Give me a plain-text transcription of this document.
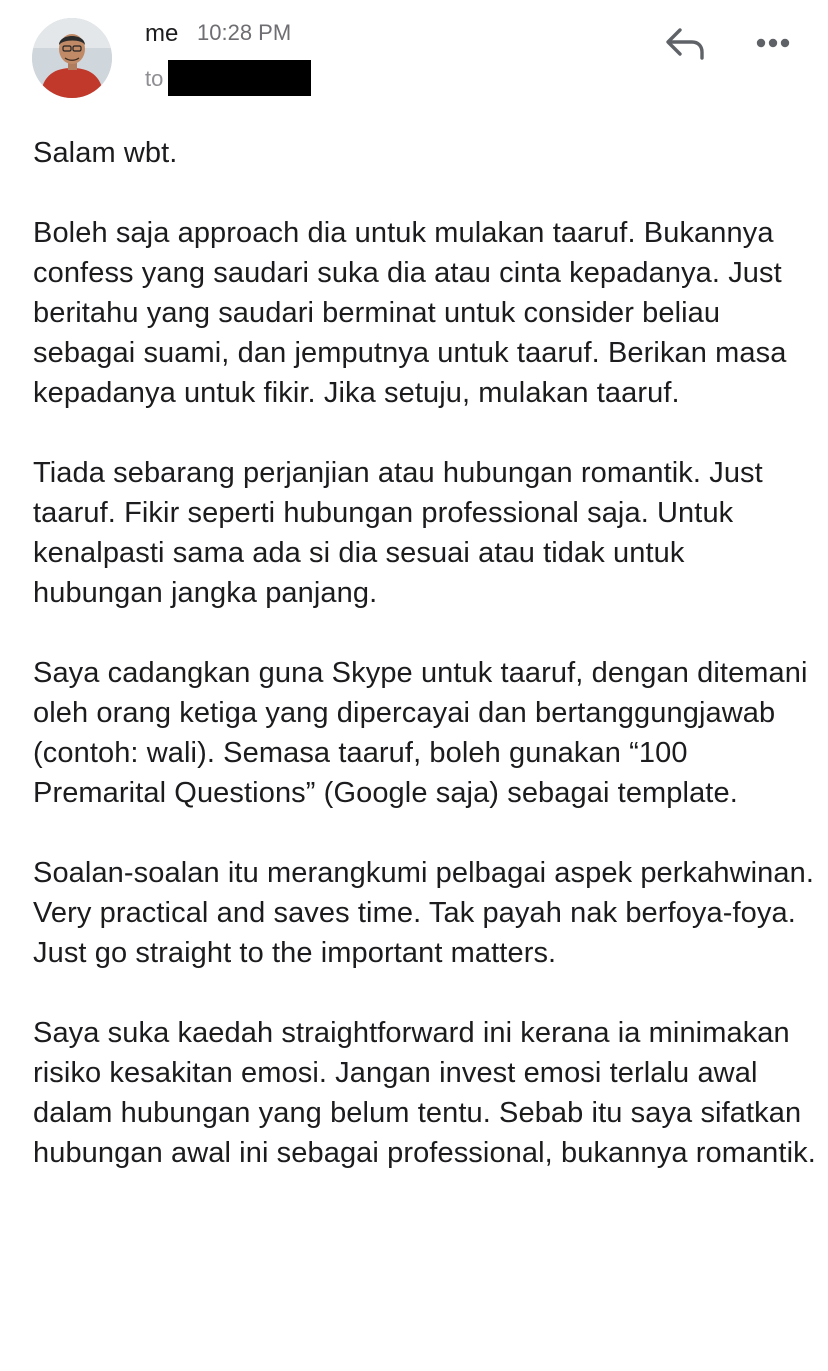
me 10:28 PM
to

Salam wbt.

Boleh saja approach dia untuk mulakan taaruf. Bukannya confess yang saudari suka dia atau cinta kepadanya. Just beritahu yang saudari berminat untuk consider beliau sebagai suami, dan jemputnya untuk taaruf. Berikan masa kepadanya untuk fikir. Jika setuju, mulakan taaruf.

Tiada sebarang perjanjian atau hubungan romantik. Just taaruf. Fikir seperti hubungan professional saja. Untuk kenalpasti sama ada si dia sesuai atau tidak untuk hubungan jangka panjang.

Saya cadangkan guna Skype untuk taaruf, dengan ditemani oleh orang ketiga yang dipercayai dan bertanggungjawab (contoh: wali). Semasa taaruf, boleh gunakan “100 Premarital Questions” (Google saja) sebagai template.

Soalan-soalan itu merangkumi pelbagai aspek perkahwinan. Very practical and saves time. Tak payah nak berfoya-foya. Just go straight to the important matters.

Saya suka kaedah straightforward ini kerana ia minimakan risiko kesakitan emosi. Jangan invest emosi terlalu awal dalam hubungan yang belum tentu. Sebab itu saya sifatkan hubungan awal ini sebagai professional, bukannya romantik.
